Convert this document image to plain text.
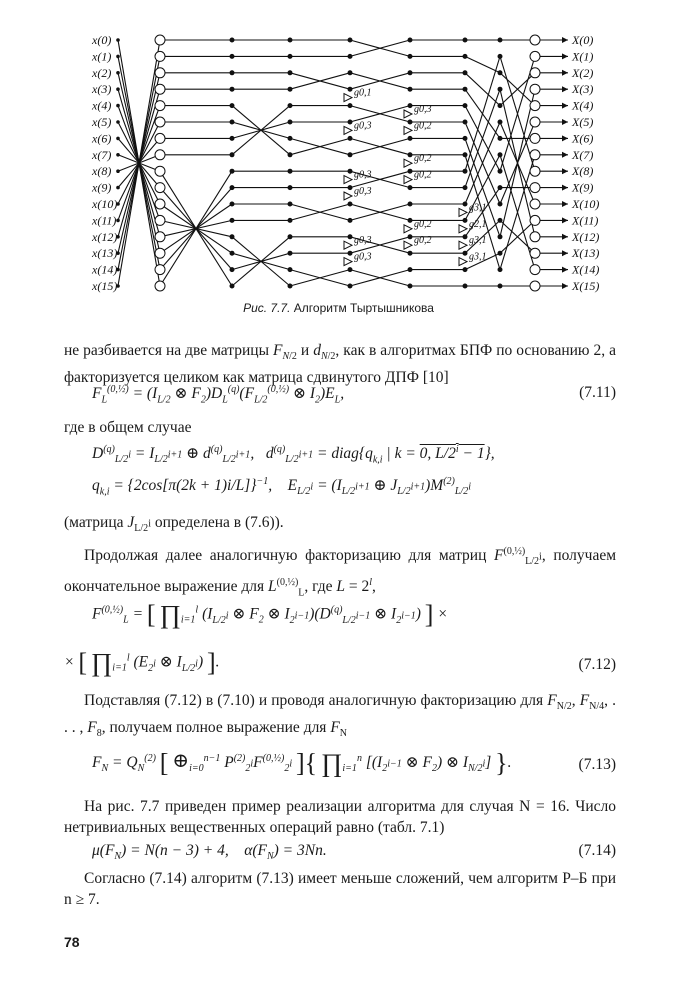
x(0)
x(1)
x(2)
x(3)
x(4)
x(5)
x(6)
x(7)
x(8)
x(9)
x(10)
x(11)
x(12)
x(13)
x(14)
x(15)
X(0)
X(1)
X(2)
X(3)
X(4)
X(5)
X(6)
X(7)
X(8)
X(9)
X(10)
X(11)
X(12)
X(13)
X(14)
X(15)
g0,1
g0,3
g0,3
g0,2
g0,3
g0,2
g0,3
g0,2
g0,3
g0,2
g0,3
g0,2
g3,1
g2,1
g3,1
g3,1
Рис. 7.7. Алгоритм Тыртышникова
не разбивается на две матрицы $F_{N/2}$ и $d_{N/2}$, как в алгоритмах БПФ по основанию 2, а факторизуется целиком как матрица сдвинутого ДПФ [10]
$F_L^{(0,\frac{1}{2})} = (I_{L/2}$ ⊗ $F_2)D_L^{(q)}(F_{L/2}^{(0,\frac{1}{2})}$ ⊗ $I_2)E_L$,	(7.11)
где в общем случае
$D^{(q)}_{L/2^i} = I_{L/2^{i+1}}$ ⊕ $d^{(q)}_{L/2^{i+1}}$,   $d^{(q)}_{L/2^{i+1}}$ = $diag\{q_{k,i}$ | k = 0, $L/2^i - 1$},
$q_{k,i} = \{2\cos[\pi(2k + 1)i/L]\}^{-1}$,    $E_{L/2^i} = (I_{L/2^{i+1}}$ ⊕ $J_{L/2^{i+1}})M^{(2)}_{L/2^i}$
(матрица $J_{L/2^i}$ определена в (7.6)).
Продолжая далее аналогичную факторизацию для матриц $F^{(0,\frac{1}{2})}_{L/2^i}$, получаем окончательное выражение для $L^{(0,\frac{1}{2})}_L$, где $L = 2^l$,
$F^{(0,\frac{1}{2})}_L$ = [ $\prod_{i=1}^l$ ($I_{L/2^i}$ ⊗ $F_2$ ⊗ $I_{2^{i-1}})(D^{(q)}_{L/2^{i-1}}$ ⊗ $I_{2^{i-1}}$) ] ×
× [ $\prod_{i=1}^l$ ($E_{2^i}$ ⊗ $I_{L/2^i}$) ].	(7.12)
Подставляя (7.12) в (7.10) и проводя аналогичную факторизацию для $F_{N/2}$, $F_{N/4}$, . . . , $F_8$, получаем полное выражение для $F_N$
$F_N = Q_N^{(2)}$ [ $\oplus_{i=0}^{n-1}$ $P^{(2)}_{2^i}F^{(0,\frac{1}{2})}_{2^i}$ ]{ $\prod_{i=1}^n$ [($I_{2^{i-1}}$ ⊗ $F_2$) ⊗ $I_{N/2^i}$] }.	(7.13)
На рис. 7.7 приведен пример реализации алгоритма для случая N = 16. Число нетривиальных вещественных операций равно (табл. 7.1)
$\mu(F_N) = N(n - 3) + 4$,    $\alpha(F_N) = 3Nn$.	(7.14)
Согласно (7.14) алгоритм (7.13) имеет меньше сложений, чем алгоритм Р–Б при n ≥ 7.
78
